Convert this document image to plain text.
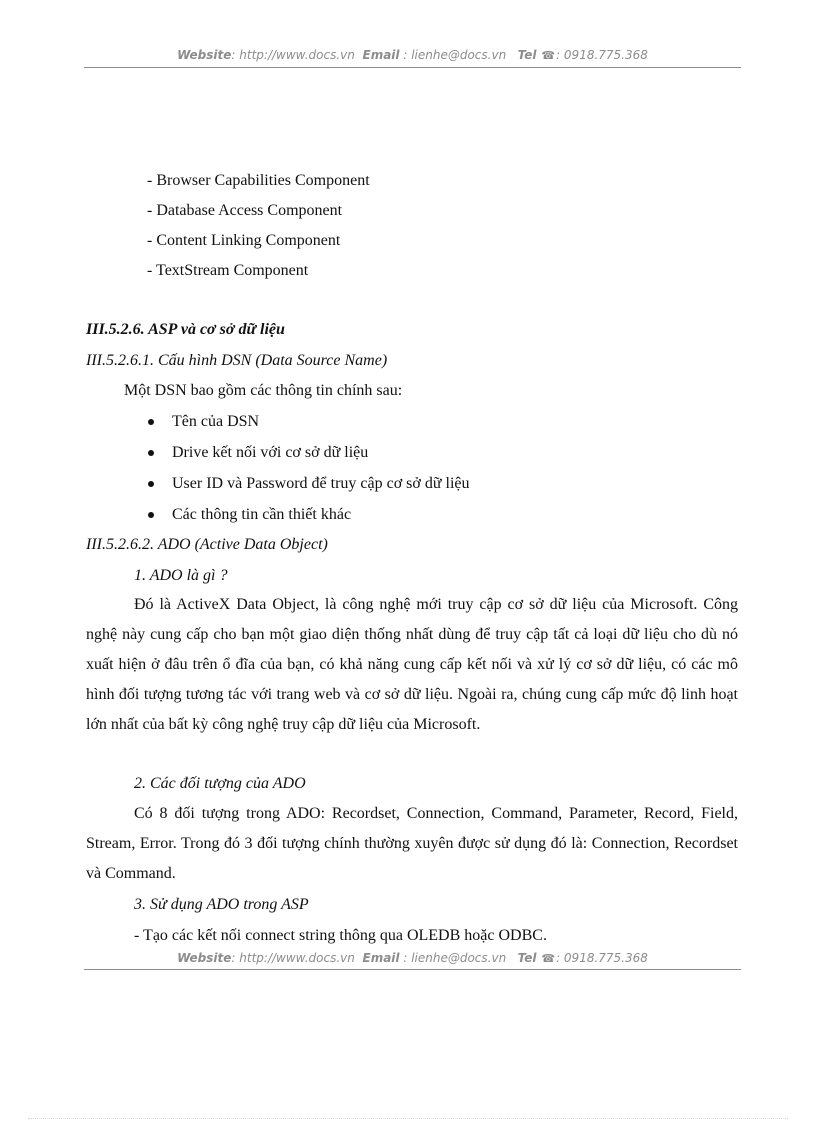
Website: http://www.docs.vn Email : lienhe@docs.vn Tel ☎: 0918.775.368
- Browser Capabilities Component
- Database Access Component
- Content Linking Component
- TextStream Component
III.5.2.6. ASP và cơ sở dữ liệu
III.5.2.6.1. Cấu hình DSN (Data Source Name)
Một DSN bao gồm các thông tin chính sau:
Tên của DSN
Drive kết nối với cơ sở dữ liệu
User ID và Password để truy cập cơ sở dữ liệu
Các thông tin cần thiết khác
III.5.2.6.2. ADO (Active Data Object)
1. ADO là gì ?
Đó là ActiveX Data Object, là công nghệ mới truy cập cơ sở dữ liệu của Microsoft. Công nghệ này cung cấp cho bạn một giao diện thống nhất dùng để truy cập tất cả loại dữ liệu cho dù nó xuất hiện ở đâu trên ổ đĩa của bạn, có khả năng cung cấp kết nối và xử lý cơ sở dữ liệu, có các mô hình đối tượng tương tác với trang web và cơ sở dữ liệu. Ngoài ra, chúng cung cấp mức độ linh hoạt lớn nhất của bất kỳ công nghệ truy cập dữ liệu của Microsoft.
2. Các đối tượng của ADO
Có 8 đối tượng trong ADO: Recordset, Connection, Command, Parameter, Record, Field, Stream, Error. Trong đó 3 đối tượng chính thường xuyên được sử dụng đó là: Connection, Recordset và Command.
3. Sử dụng ADO trong ASP
- Tạo các kết nối connect string thông qua OLEDB hoặc ODBC.
Website: http://www.docs.vn Email : lienhe@docs.vn Tel ☎: 0918.775.368
